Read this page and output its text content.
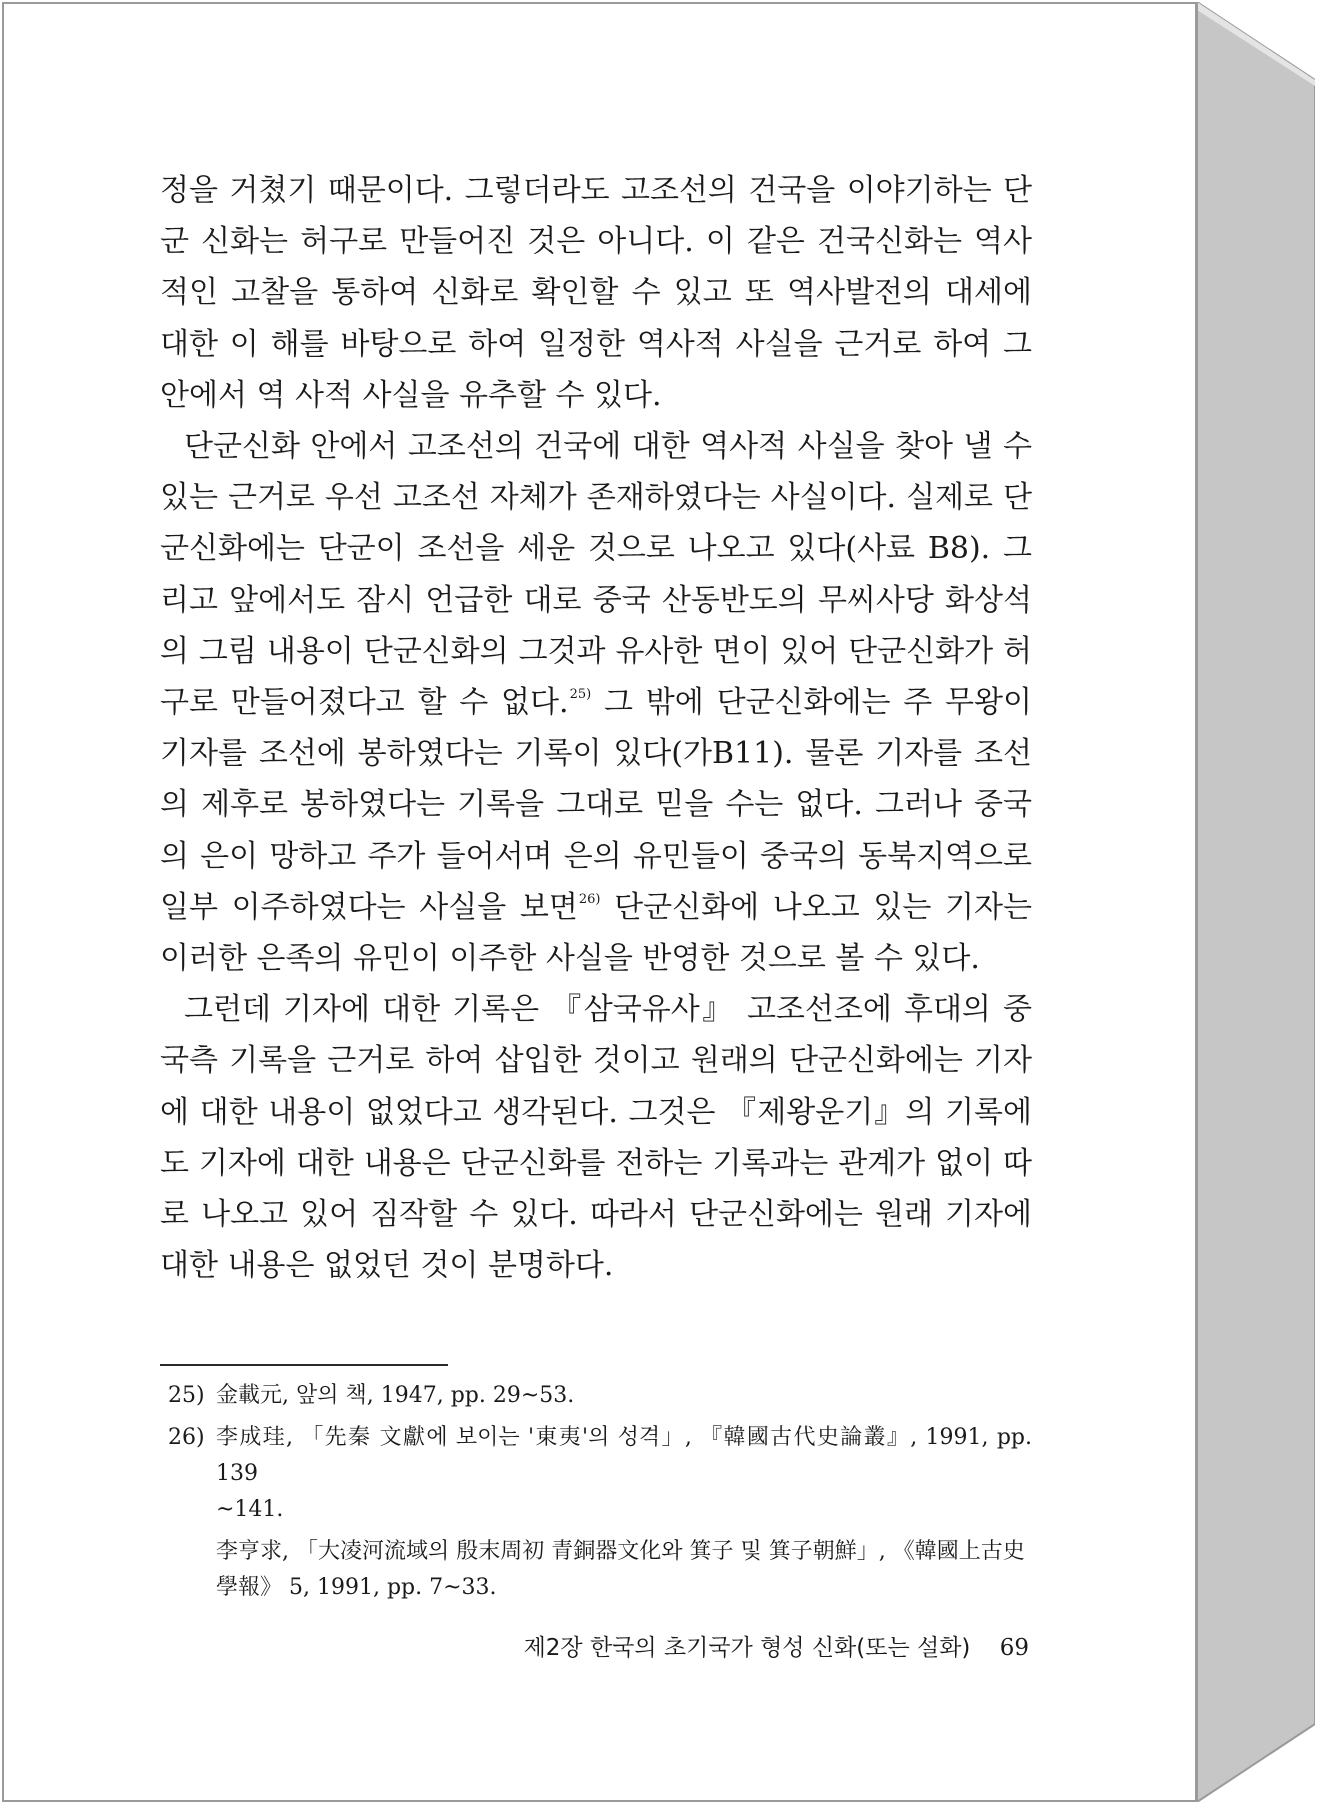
정을 거쳤기 때문이다. 그렇더라도 고조선의 건국을 이야기하는 단군 신화는 허구로 만들어진 것은 아니다. 이 같은 건국신화는 역사적인 고찰을 통하여 신화로 확인할 수 있고 또 역사발전의 대세에 대한 이 해를 바탕으로 하여 일정한 역사적 사실을 근거로 하여 그 안에서 역 사적 사실을 유추할 수 있다.

단군신화 안에서 고조선의 건국에 대한 역사적 사실을 찾아 낼 수 있는 근거로 우선 고조선 자체가 존재하였다는 사실이다. 실제로 단군신화에는 단군이 조선을 세운 것으로 나오고 있다(사료 B8). 그리고 앞에서도 잠시 언급한 대로 중국 산동반도의 무씨사당 화상석의 그림 내용이 단군신화의 그것과 유사한 면이 있어 단군신화가 허구로 만들어졌다고 할 수 없다.$^{25)}$ 그 밖에 단군신화에는 주 무왕이 기자를 조선에 봉하였다는 기록이 있다(가B11). 물론 기자를 조선의 제후로 봉하였다는 기록을 그대로 믿을 수는 없다. 그러나 중국의 은이 망하고 주가 들어서며 은의 유민들이 중국의 동북지역으로 일부 이주하였다는 사실을 보면$^{26)}$ 단군신화에 나오고 있는 기자는 이러한 은족의 유민이 이주한 사실을 반영한 것으로 볼 수 있다.

그런데 기자에 대한 기록은 『삼국유사』 고조선조에 후대의 중국측 기록을 근거로 하여 삽입한 것이고 원래의 단군신화에는 기자에 대한 내용이 없었다고 생각된다. 그것은 『제왕운기』의 기록에도 기자에 대한 내용은 단군신화를 전하는 기록과는 관계가 없이 따로 나오고 있어 짐작할 수 있다. 따라서 단군신화에는 원래 기자에 대한 내용은 없었던 것이 분명하다.

25) 金載元, 앞의 책, 1947, pp. 29~53.
26) 李成珪, 「先秦 文獻에 보이는 '東夷'의 성격」, 『韓國古代史論叢』, 1991, pp. 139
~141.
李亨求, 「大凌河流域의 殷末周初 青銅器文化와 箕子 및 箕子朝鮮」, 《韓國上古史
學報》 5, 1991, pp. 7~33.
제2장 한국의 초기국가 형성 신화(또는 설화) 69
